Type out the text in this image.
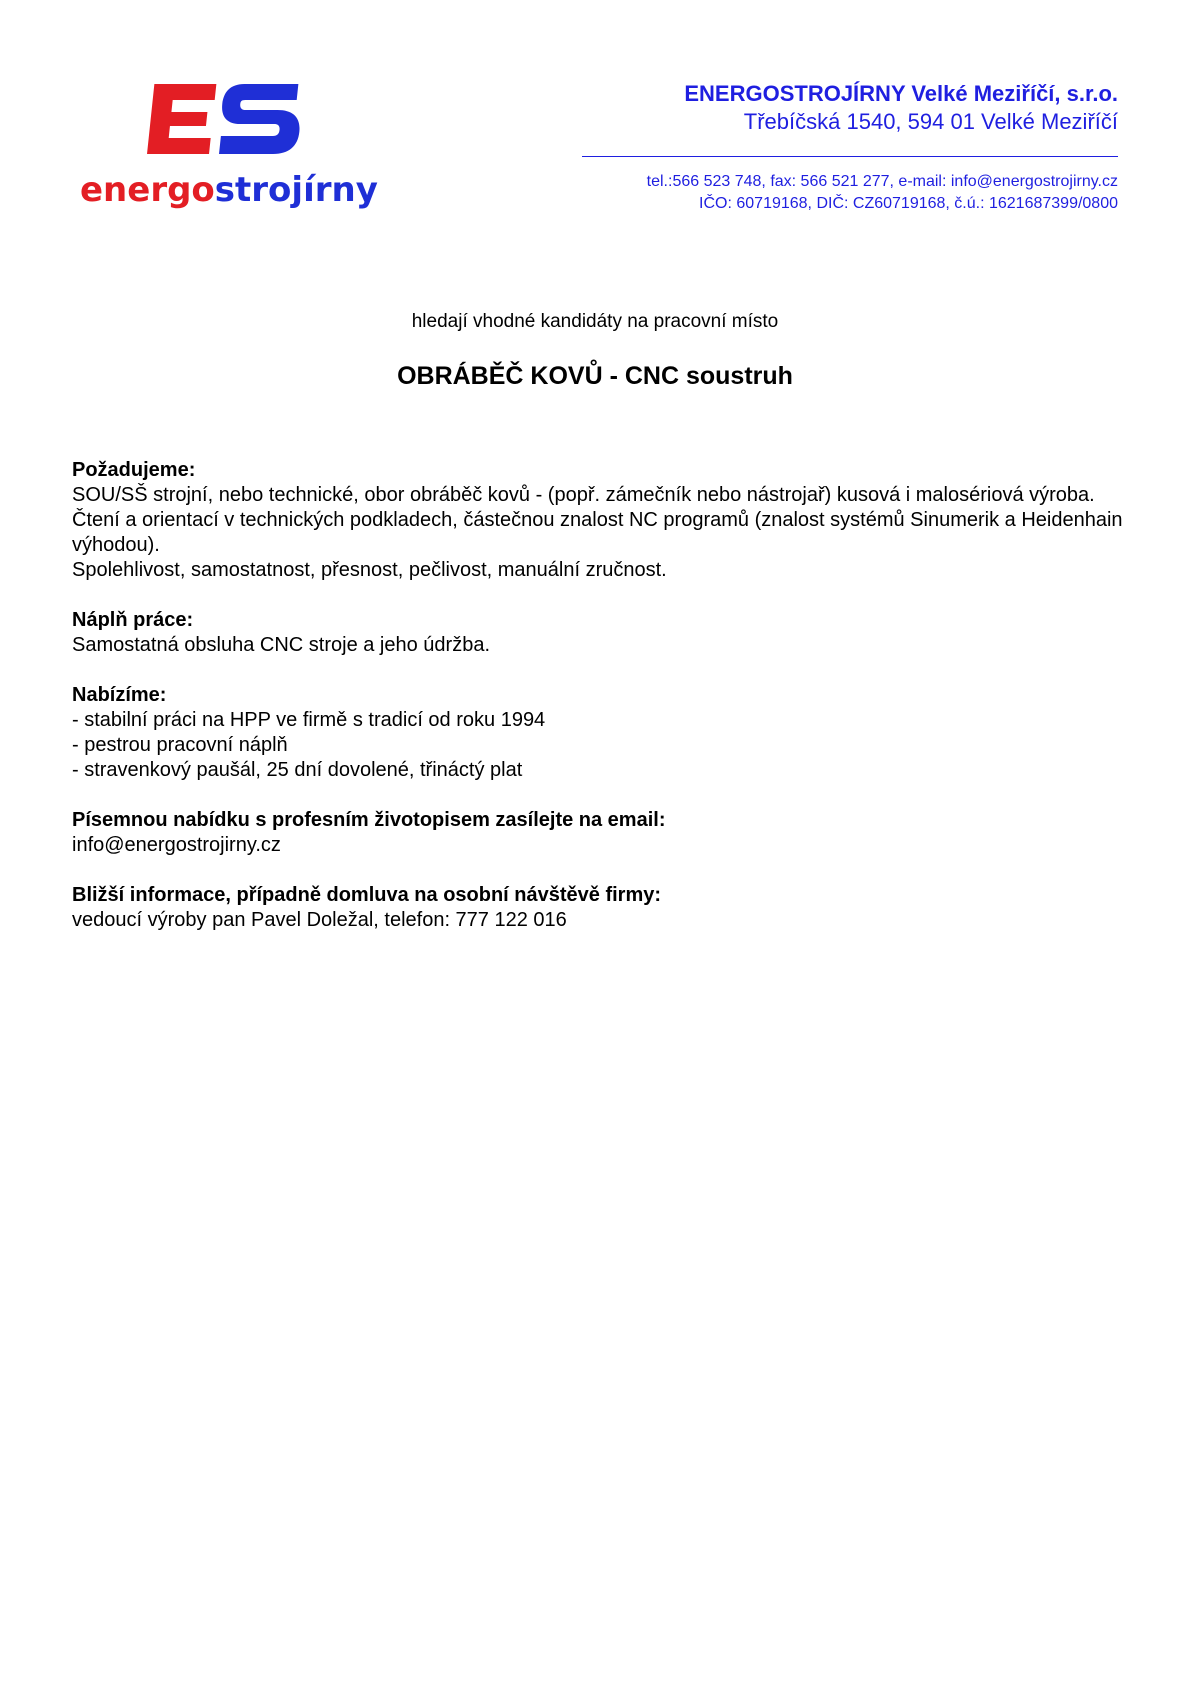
energostrojírny
ENERGOSTROJÍRNY Velké Meziříčí, s.r.o.
Třebíčská 1540, 594 01 Velké Meziříčí
tel.:566 523 748, fax: 566 521 277, e-mail: info@energostrojirny.cz
IČO: 60719168, DIČ: CZ60719168, č.ú.: 1621687399/0800
hledají vhodné kandidáty na pracovní místo
OBRÁBĚČ KOVŮ - CNC soustruh
Požadujeme:
SOU/SŠ strojní, nebo technické, obor obráběč kovů - (popř. zámečník nebo nástrojař) kusová i malosériová výroba.
Čtení a orientací v technických podkladech, částečnou znalost NC programů (znalost systémů Sinumerik a Heidenhain výhodou).
Spolehlivost, samostatnost, přesnost, pečlivost, manuální zručnost.
Náplň práce:
Samostatná obsluha CNC stroje a jeho údržba.
Nabízíme:
- stabilní práci na HPP ve firmě s tradicí od roku 1994
- pestrou pracovní náplň
- stravenkový paušál, 25 dní dovolené, třináctý plat
Písemnou nabídku s profesním životopisem zasílejte na email:
info@energostrojirny.cz
Bližší informace, případně domluva na osobní návštěvě firmy:
vedoucí výroby pan Pavel Doležal, telefon: 777 122 016
